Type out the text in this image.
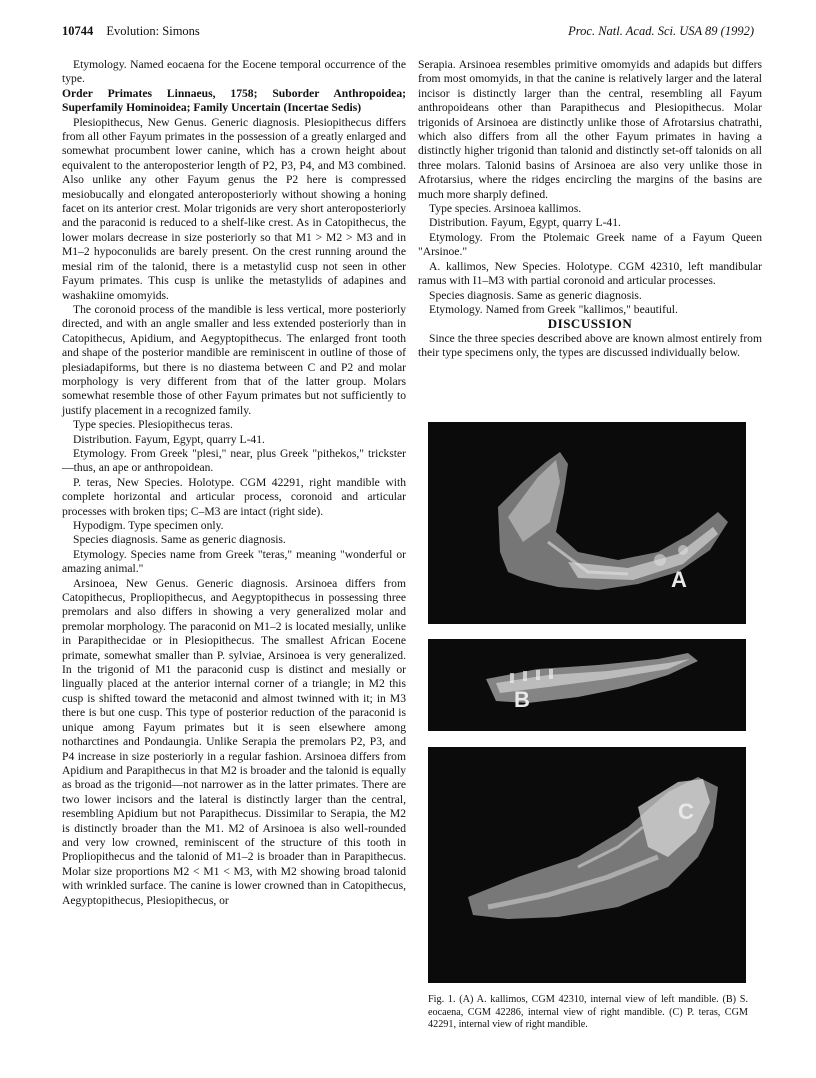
10744 Evolution: Simons	Proc. Natl. Acad. Sci. USA 89 (1992)

Etymology. Named eocaena for the Eocene temporal occurrence of the type.

Order Primates Linnaeus, 1758; Suborder Anthropoidea; Superfamily Hominoidea; Family Uncertain (Incertae Sedis)

Plesiopithecus, New Genus. Generic diagnosis. Plesiopithecus differs from all other Fayum primates in the possession of a greatly enlarged and somewhat procumbent lower canine, which has a crown height about equivalent to the anteroposterior length of P2, P3, P4, and M3 combined. Also unlike any other Fayum genus the P2 here is compressed mesiobucally and elongated anteroposteriorly without showing a honing facet on its anterior crest. Molar trigonids are very short anteroposteriorly and the paraconid is reduced to a shelf-like crest. As in Catopithecus, the lower molars decrease in size posteriorly so that M1 > M2 > M3 and in M1–2 hypoconulids are barely present. On the crest running around the mesial rim of the talonid, there is a metastylid cusp not seen in other Fayum primates. This cusp is unlike the metastylids of adapines and washakiine omomyids.

The coronoid process of the mandible is less vertical, more posteriorly directed, and with an angle smaller and less extended posteriorly than in Catopithecus, Apidium, and Aegyptopithecus. The enlarged front tooth and shape of the posterior mandible are reminiscent in outline of those of plesiadapiforms, but there is no diastema between C and P2 and molar morphology is very different from that of the latter group. Molars somewhat resemble those of other Fayum primates but not sufficiently to justify placement in a recognized family.

Type species. Plesiopithecus teras.

Distribution. Fayum, Egypt, quarry L-41.

Etymology. From Greek "plesi," near, plus Greek "pithekos," trickster—thus, an ape or anthropoidean.

P. teras, New Species. Holotype. CGM 42291, right mandible with complete horizontal and articular process, coronoid and articular processes with broken tips; C–M3 are intact (right side).

Hypodigm. Type specimen only.

Species diagnosis. Same as generic diagnosis.

Etymology. Species name from Greek "teras," meaning "wonderful or amazing animal."

Arsinoea, New Genus. Generic diagnosis. Arsinoea differs from Catopithecus, Propliopithecus, and Aegyptopithecus in possessing three premolars and also differs in showing a very generalized molar and premolar morphology. The paraconid on M1–2 is located mesially, unlike in Parapithecidae or in Plesiopithecus. The smallest African Eocene primate, somewhat smaller than P. sylviae, Arsinoea is very generalized. In the trigonid of M1 the paraconid cusp is distinct and mesially or lingually placed at the anterior internal corner of a triangle; in M2 this cusp is shifted toward the metaconid and almost twinned with it; in M3 there is but one cusp. This type of posterior reduction of the paraconid is unique among Fayum primates but it is seen elsewhere among notharctines and Pondaungia. Unlike Serapia the premolars P2, P3, and P4 increase in size posteriorly in a regular fashion. Arsinoea differs from Apidium and Parapithecus in that M2 is broader and the talonid is equally as broad as the trigonid—not narrower as in the latter primates. There are two lower incisors and the lateral is distinctly larger than the central, resembling Apidium but not Parapithecus. Dissimilar to Serapia, the M2 is distinctly broader than the M1. M2 of Arsinoea is also well-rounded and very low crowned, reminiscent of the structure of this tooth in Propliopithecus and the talonid of M1–2 is broader than in Parapithecus. Molar size proportions M2 < M1 < M3, with M2 showing broad talonid with wrinkled surface. The canine is lower crowned than in Catopithecus, Aegyptopithecus, Plesiopithecus, or

Serapia. Arsinoea resembles primitive omomyids and adapids but differs from most omomyids, in that the canine is relatively larger and the lateral incisor is distinctly larger than the central, resembling all Fayum anthropoideans other than Parapithecus and Plesiopithecus. Molar trigonids of Arsinoea are distinctly unlike those of Afrotarsius chatrathi, which also differs from all the other Fayum primates in having a distinctly higher trigonid than talonid and distinctly set-off talonids on all three molars. Talonid basins of Arsinoea are also very unlike those in Afrotarsius, where the ridges encircling the margins of the basins are much more sharply defined.

Type species. Arsinoea kallimos.

Distribution. Fayum, Egypt, quarry L-41.

Etymology. From the Ptolemaic Greek name of a Fayum Queen "Arsinoe."

A. kallimos, New Species. Holotype. CGM 42310, left mandibular ramus with I1–M3 with partial coronoid and articular processes.

Species diagnosis. Same as generic diagnosis.

Etymology. Named from Greek "kallimos," beautiful.

DISCUSSION

Since the three species described above are known almost entirely from their type specimens only, the types are discussed individually below.

A
B
C
Fig. 1. (A) A. kallimos, CGM 42310, internal view of left mandible. (B) S. eocaena, CGM 42286, internal view of right mandible. (C) P. teras, CGM 42291, internal view of right mandible.
